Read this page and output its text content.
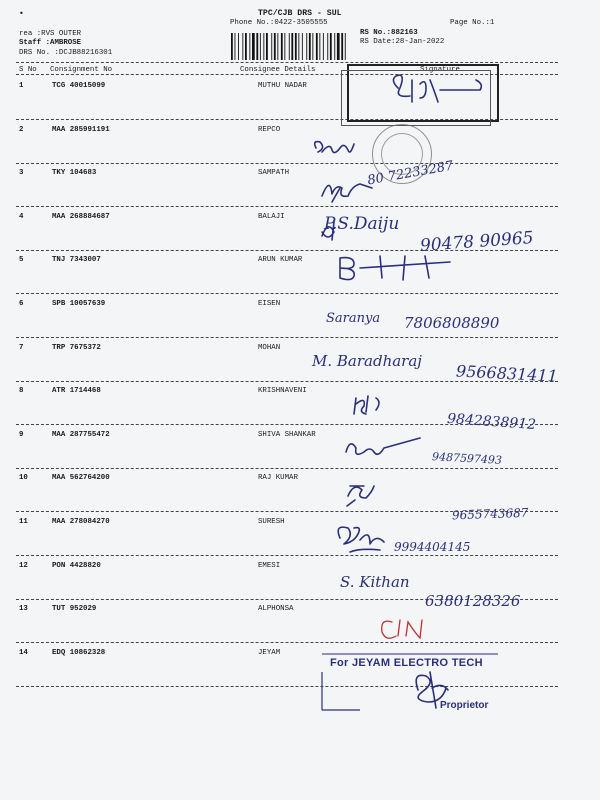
•	TPC/CJB DRS - SUL
Phone No.:0422-3505555	Page No.:1
RS No.:882163
RS Date:28-Jan-2022
rea :RVS OUTER
Staff :AMBROSE
DRS No. :DCJB88216301
S No Consignment No	Consignee Details	Signature
1	TCG 40015099	MUTHU NADAR
2	MAA 285991191	REPCO
3	TKY 104683	SAMPATH
4	MAA 268884687	BALAJI
5	TNJ 7343007	ARUN KUMAR
6	SPB 10057639	EISEN
7	TRP 7675372	MOHAN
8	ATR 1714468	KRISHNAVENI
9	MAA 287755472	SHIVA SHANKAR
10	MAA 562764200	RAJ KUMAR
11	MAA 278084270	SURESH
12	PON 4428820	EMESI
13	TUT 952029	ALPHONSA
14	EDQ 10862328	JEYAM
80 72233287
P.S.Daiju
90478 90965
Saranya 7806808890
M. Baradharaj
9566831411
9842838912
9487597493
9655743687
9994404145
S. Kithan
6380128326
For JEYAM ELECTRO TECH
Proprietor
